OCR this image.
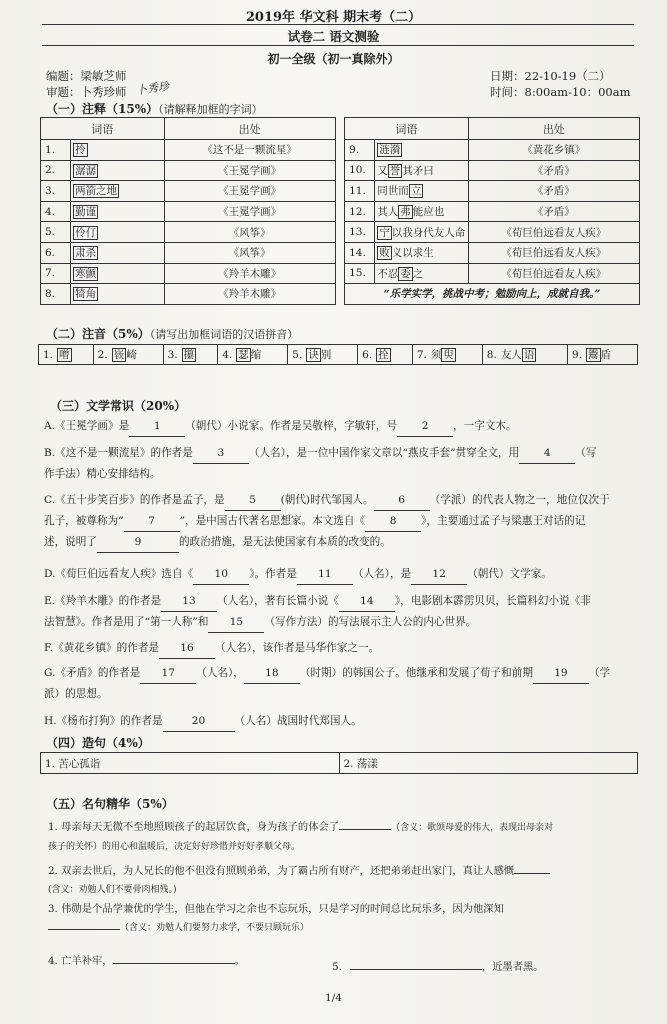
2019年 华文科 期末考（二）
试卷二 语文测验
初一全级（初一真除外）
编题：梁敏芝师
审题：卜秀珍师 卜秀珍
日期：22-10-19（二）
时间：8:00am-10：00am
（一）注释（15%）（请解释加框的字词）
词语		出处		词语		出处
1.	拎	《这不是一颗流星》		9.	涟漪	《黄花乡镇》
2.	潺潺	《王冕学画》		10.	又 誉 其矛曰	《矛盾》
3.	两箭之地	《王冕学画》		11.	同世而 立	《矛盾》
4.	勤谨	《王冕学画》		12.	其人 弗 能应也	《矛盾》
5.	伶仃	《风筝》		13.	宁 以我身代友人命	《荀巨伯远看友人疾》
6.	肃杀	《风筝》		14.	败 义以求生	《荀巨伯远看友人疾》
7.	寒颤	《羚羊木雕》		15.	不忍 委 之	《荀巨伯远看友人疾》
8.	犄角	《羚羊木雕》		“乐学实学，挑战中考；勉励向上，成就自我。”		
（二）注音（5%）（请写出加框词语的汉语拼音）
1. 噌	2. 嵚 崎	3. 攥	4. 瑟 缩	5. 诀 别	6. 拴	7. 须 臾	8. 友人 语	9. 鬻 盾
（三）文学常识（20%）
A.《王冕学画》是 1 （朝代）小说家。作者是吴敬梓，字敏轩，号 2 ，一字文木。
B.《这不是一颗流星》的作者是 3 （人名），是一位中国作家文章以“燕皮手套”贯穿全文，用 4 （写
作手法）精心安排结构。
C.《五十步笑百步》的作者是孟子，是 5 (朝代)时代邹国人。 6 （学派）的代表人物之一，地位仅次于
孔子，被尊称为“ 7 ”，是中国古代著名思想家。本文选自《 8 》，主要通过孟子与梁惠王对话的记
述，说明了	9	的政治措施，是无法使国家有本质的改变的。
D.《荀巨伯远看友人疾》选自《 10 》。作者是 11 （人名），是 12 （朝代）文学家。
E.《羚羊木雕》的作者是 13 （人名），著有长篇小说《 14 》，电影剧本霹雳贝贝，长篇科幻小说《非
法智慧》。作者是用了“第一人称”和 15 （写作方法）的写法展示主人公的内心世界。
F.《黄花乡镇》的作者是 16 （人名），该作者是马华作家之一。
G.《矛盾》的作者是 17 （人名）， 18 （时期）的韩国公子。他继承和发展了荀子和前期 19 （学
派）的思想。
H.《杨布打狗》的作者是	20	（人名）战国时代郑国人。
（四）造句（4%）
1. 苦心孤诣	2. 荡漾
（五）名句精华（5%）
1. 母亲每天无微不至地照顾孩子的起居饮食，身为孩子的体会了	（含义：歌颂母爱的伟大，表现出母亲对
孩子的关怀）的用心和温暖后，决定好好珍惜并好好孝顺父母。
2. 双亲去世后，为人兄长的他不但没有照顾弟弟，为了霸占所有财产，还把弟弟赶出家门，真让人感慨
(含义：劝勉人们不要骨肉相残。)
3. 伟勋是个品学兼优的学生，但他在学习之余也不忘玩乐，只是学习的时间总比玩乐多，因为他深知
（含义：劝勉人们要努力求学，不要只顾玩乐）
4. 亡羊补牢，	。	5.	，近墨者黑。
1/4
